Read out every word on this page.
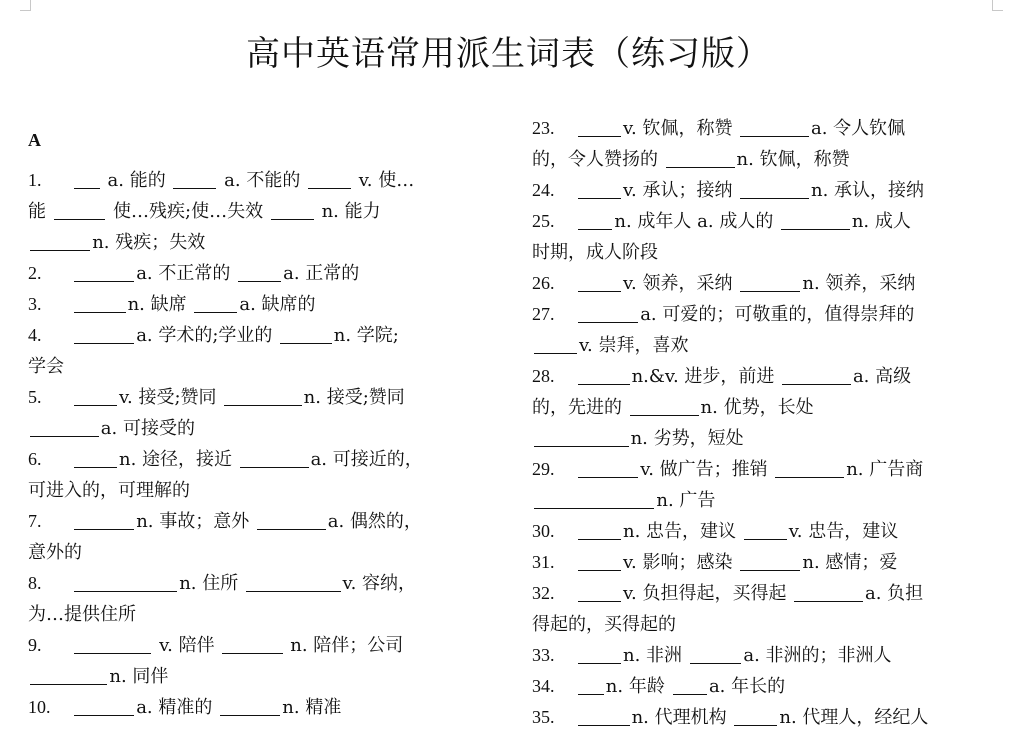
高中英语常用派生词表（练习版）
A
1.	a. 能的	a. 不能的	v. 使…
能	使…残疾;使…失效	n. 能力
n. 残疾；失效
2.	a. 不正常的	a. 正常的
3.	n. 缺席	a. 缺席的
4.	a. 学术的;学业的	n. 学院;
学会
5.	v. 接受;赞同	n. 接受;赞同
a. 可接受的
6.	n. 途径，接近	a. 可接近的，
可进入的，可理解的
7.	n. 事故；意外	a. 偶然的，
意外的
8.	n. 住所	v. 容纳，
为…提供住所
9.	v. 陪伴	n. 陪伴；公司
n. 同伴
10.	a. 精准的	n. 精准
23.	v. 钦佩，称赞	a. 令人钦佩
的，令人赞扬的	n. 钦佩，称赞
24.	v. 承认；接纳	n. 承认，接纳
25.	n. 成年人 a. 成人的	n. 成人
时期，成人阶段
26.	v. 领养，采纳	n. 领养，采纳
27.	a. 可爱的；可敬重的，值得崇拜的
v. 崇拜，喜欢
28.	n.&v. 进步，前进	a. 高级
的，先进的	n. 优势，长处
n. 劣势，短处
29.	v. 做广告；推销	n. 广告商
n. 广告
30.	n. 忠告，建议	v. 忠告，建议
31.	v. 影响；感染	n. 感情；爱
32.	v. 负担得起，买得起	a. 负担
得起的，买得起的
33.	n. 非洲	a. 非洲的；非洲人
34.	n. 年龄 a. 年长的
35.	n. 代理机构	n. 代理人，经纪人
